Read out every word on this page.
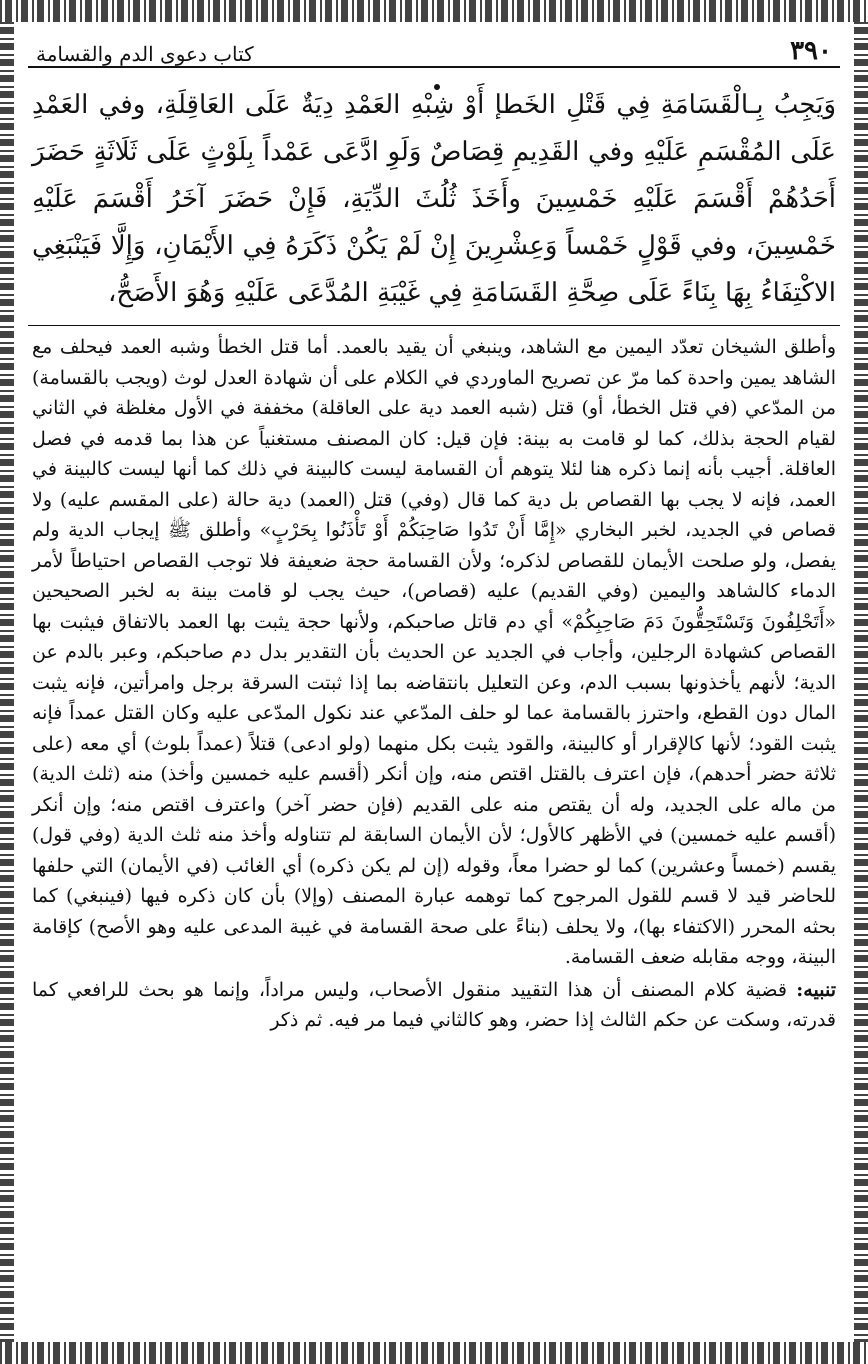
٣٩٠
كتاب دعوى الدم والقسامة
وَيَجِبُ بِـالْقَسَامَةِ فِي قَتْلِ الخَطإ أَوْ شِبْهِ العَمْدِ دِيَةٌ عَلَى العَاقِلَةِ، وفي العَمْدِ عَلَى المُقْسَمِ عَلَيْهِ وفي القَدِيمِ قِصَاصٌ وَلَوِ ادَّعَى عَمْداً بِلَوْثٍ عَلَى ثَلَاثَةٍ حَضَرَ أَحَدُهُمْ أَقْسَمَ عَلَيْهِ خَمْسِينَ وأَخَذَ ثُلُثَ الدِّيَةِ، فَإِنْ حَضَرَ آخَرُ أَقْسَمَ عَلَيْهِ خَمْسِينَ، وفي قَوْلٍ خَمْساً وَعِشْرِينَ إِنْ لَمْ يَكُنْ ذَكَرَهُ فِي الأَيْمَانِ، وَإِلَّا فَيَنْبَغِي الاكْتِفَاءُ بِهَا بِنَاءً عَلَى صِحَّةِ القَسَامَةِ فِي غَيْبَةِ المُدَّعَى عَلَيْهِ وَهُوَ الأَصَحُّ،

وأطلق الشيخان تعدّد اليمين مع الشاهد، وينبغي أن يقيد بالعمد. أما قتل الخطأ وشبه العمد فيحلف مع الشاهد يمين واحدة كما مرّ عن تصريح الماوردي في الكلام على أن شهادة العدل لوث (ويجب بالقسامة) من المدّعي (في قتل الخطأ، أو) قتل (شبه العمد دية على العاقلة) مخففة في الأول مغلظة في الثاني لقيام الحجة بذلك، كما لو قامت به بينة: فإن قيل: كان المصنف مستغنياً عن هذا بما قدمه في فصل العاقلة. أجيب بأنه إنما ذكره هنا لئلا يتوهم أن القسامة ليست كالبينة في ذلك كما أنها ليست كالبينة في العمد، فإنه لا يجب بها القصاص بل دية كما قال (وفي) قتل (العمد) دية حالة (على المقسم عليه) ولا قصاص في الجديد، لخبر البخاري «إِمَّا أَنْ تَدُوا صَاحِبَكُمْ أَوْ تَأْذَنُوا بِحَرْبٍ» وأطلق ﷺ إيجاب الدية ولم يفصل، ولو صلحت الأيمان للقصاص لذكره؛ ولأن القسامة حجة ضعيفة فلا توجب القصاص احتياطاً لأمر الدماء كالشاهد واليمين (وفي القديم) عليه (قصاص)، حيث يجب لو قامت بينة به لخبر الصحيحين «أَتَحْلِفُونَ وَتَسْتَحِقُّونَ دَمَ صَاحِبِكُمْ» أي دم قاتل صاحبكم، ولأنها حجة يثبت بها العمد بالاتفاق فيثبت بها القصاص كشهادة الرجلين، وأجاب في الجديد عن الحديث بأن التقدير بدل دم صاحبكم، وعبر بالدم عن الدية؛ لأنهم يأخذونها بسبب الدم، وعن التعليل بانتقاضه بما إذا ثبتت السرقة برجل وامرأتين، فإنه يثبت المال دون القطع، واحترز بالقسامة عما لو حلف المدّعي عند نكول المدّعى عليه وكان القتل عمداً فإنه يثبت القود؛ لأنها كالإقرار أو كالبينة، والقود يثبت بكل منهما (ولو ادعى) قتلاً (عمداً بلوث) أي معه (على ثلاثة حضر أحدهم)، فإن اعترف بالقتل اقتص منه، وإن أنكر (أقسم عليه خمسين وأخذ) منه (ثلث الدية) من ماله على الجديد، وله أن يقتص منه على القديم (فإن حضر آخر) واعترف اقتص منه؛ وإن أنكر (أقسم عليه خمسين) في الأظهر كالأول؛ لأن الأيمان السابقة لم تتناوله وأخذ منه ثلث الدية (وفي قول) يقسم (خمساً وعشرين) كما لو حضرا معاً، وقوله (إن لم يكن ذكره) أي الغائب (في الأيمان) التي حلفها للحاضر قيد لا قسم للقول المرجوح كما توهمه عبارة المصنف (وإلا) بأن كان ذكره فيها (فينبغي) كما بحثه المحرر (الاكتفاء بها)، ولا يحلف (بناءً على صحة القسامة في غيبة المدعى عليه وهو الأصح) كإقامة البينة، ووجه مقابله ضعف القسامة.

تنبيه: قضية كلام المصنف أن هذا التقييد منقول الأصحاب، وليس مراداً، وإنما هو بحث للرافعي كما قدرته، وسكت عن حكم الثالث إذا حضر، وهو كالثاني فيما مر فيه. ثم ذكر
